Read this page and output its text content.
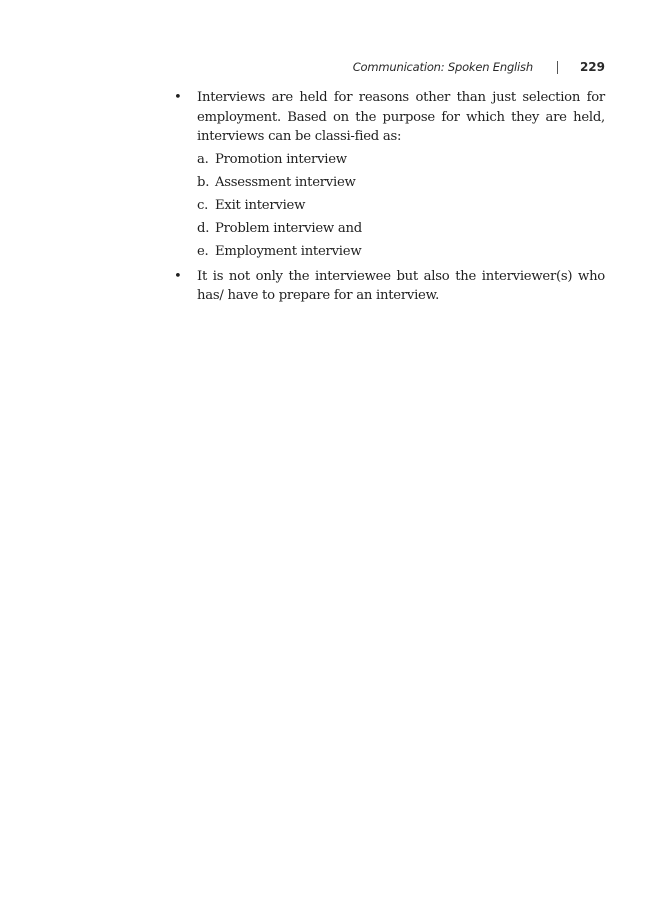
Communication: Spoken English	229
•	Interviews are held for reasons other than just selection for employment. Based on the purpose for which they are held, interviews can be classi-fied as:
a. Promotion interview
b. Assessment interview
c. Exit interview
d. Problem interview and
e. Employment interview
•	It is not only the interviewee but also the interviewer(s) who has/ have to prepare for an interview.
